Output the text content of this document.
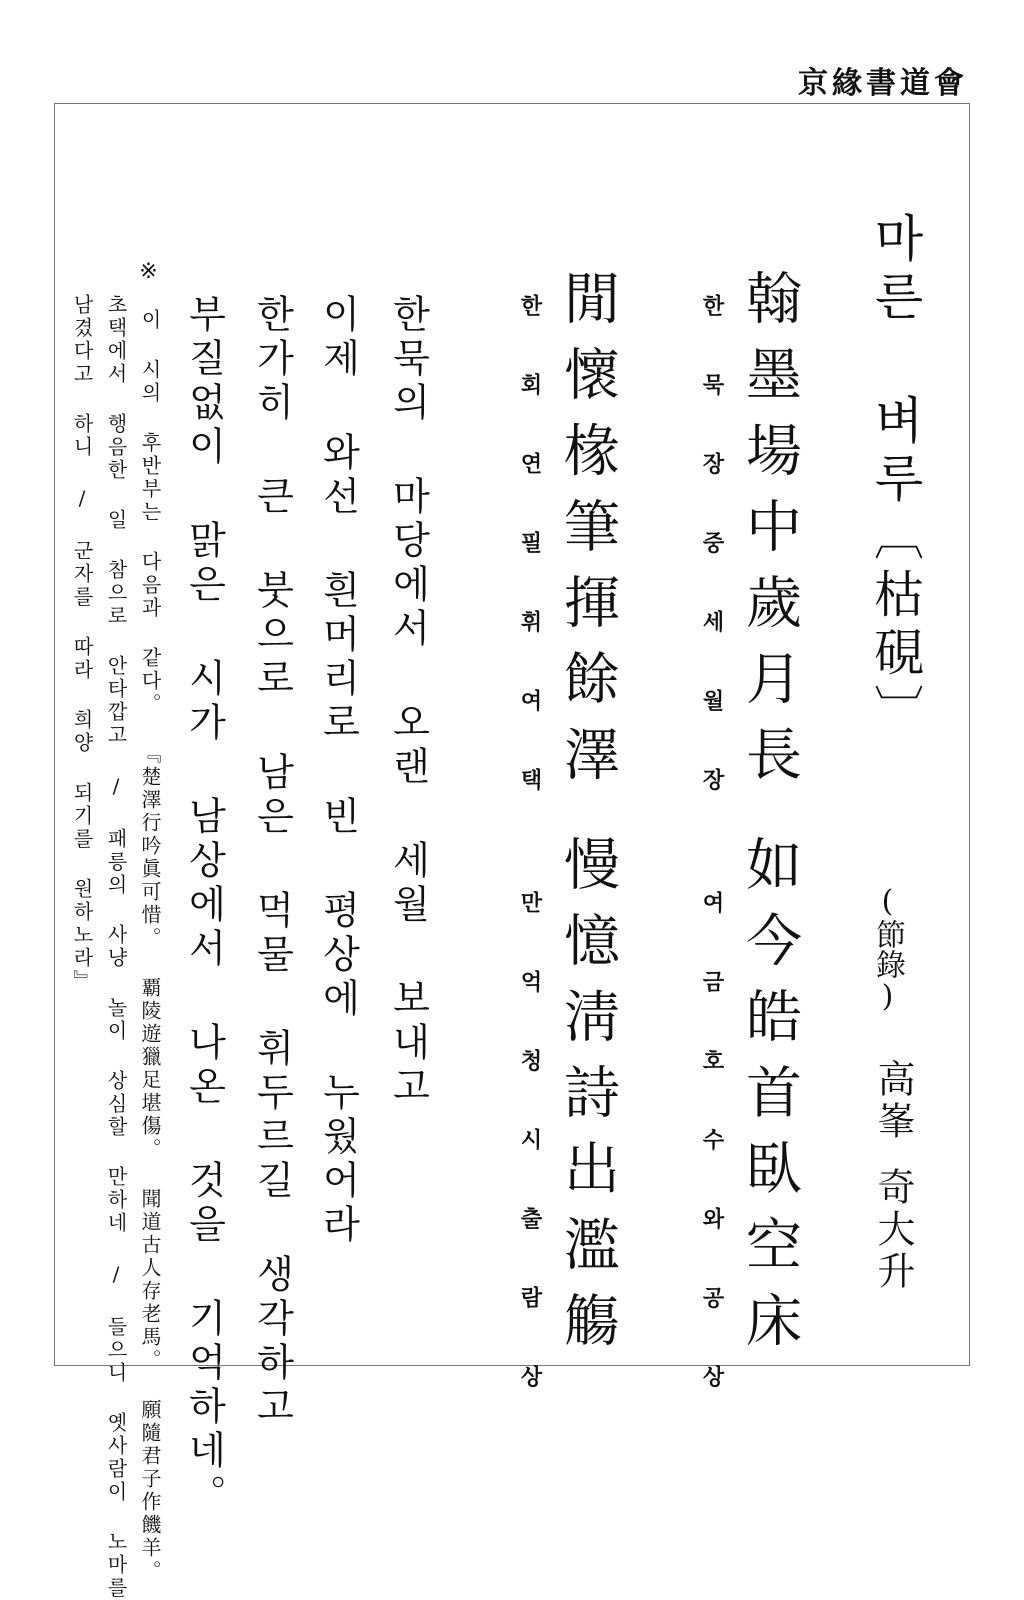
京緣書道會
마른 벼루〔枯硯〕
(節錄)
高峯奇大升
翰墨場中歲月長如今皓首臥空床
한묵장중세월장여금호수와공상
閒懷椽筆揮餘澤慢憶淸詩出濫觴
한회연필휘여택만억청시출람상
한묵의 마당에서 오랜 세월 보내고
이제 와선 흰머리로 빈 평상에 누웠어라
한가히 큰 붓으로 남은 먹물 휘두르길 생각하고
부질없이 맑은 시가 남상에서 나온 것을 기억하네。
※
이 시의 후반부는 다음과 같다。 『楚澤行吟眞可惜。 覇陵遊獵足堪傷。 聞道古人存老馬。 願隨君子作饑羊。
초택에서 행음한 일 참으로 안타깝고 / 패릉의 사냥 놀이 상심할 만하네 / 들으니 옛사람이 노마를
남겼다고 하니 / 군자를 따라 희양 되기를 원하노라』
